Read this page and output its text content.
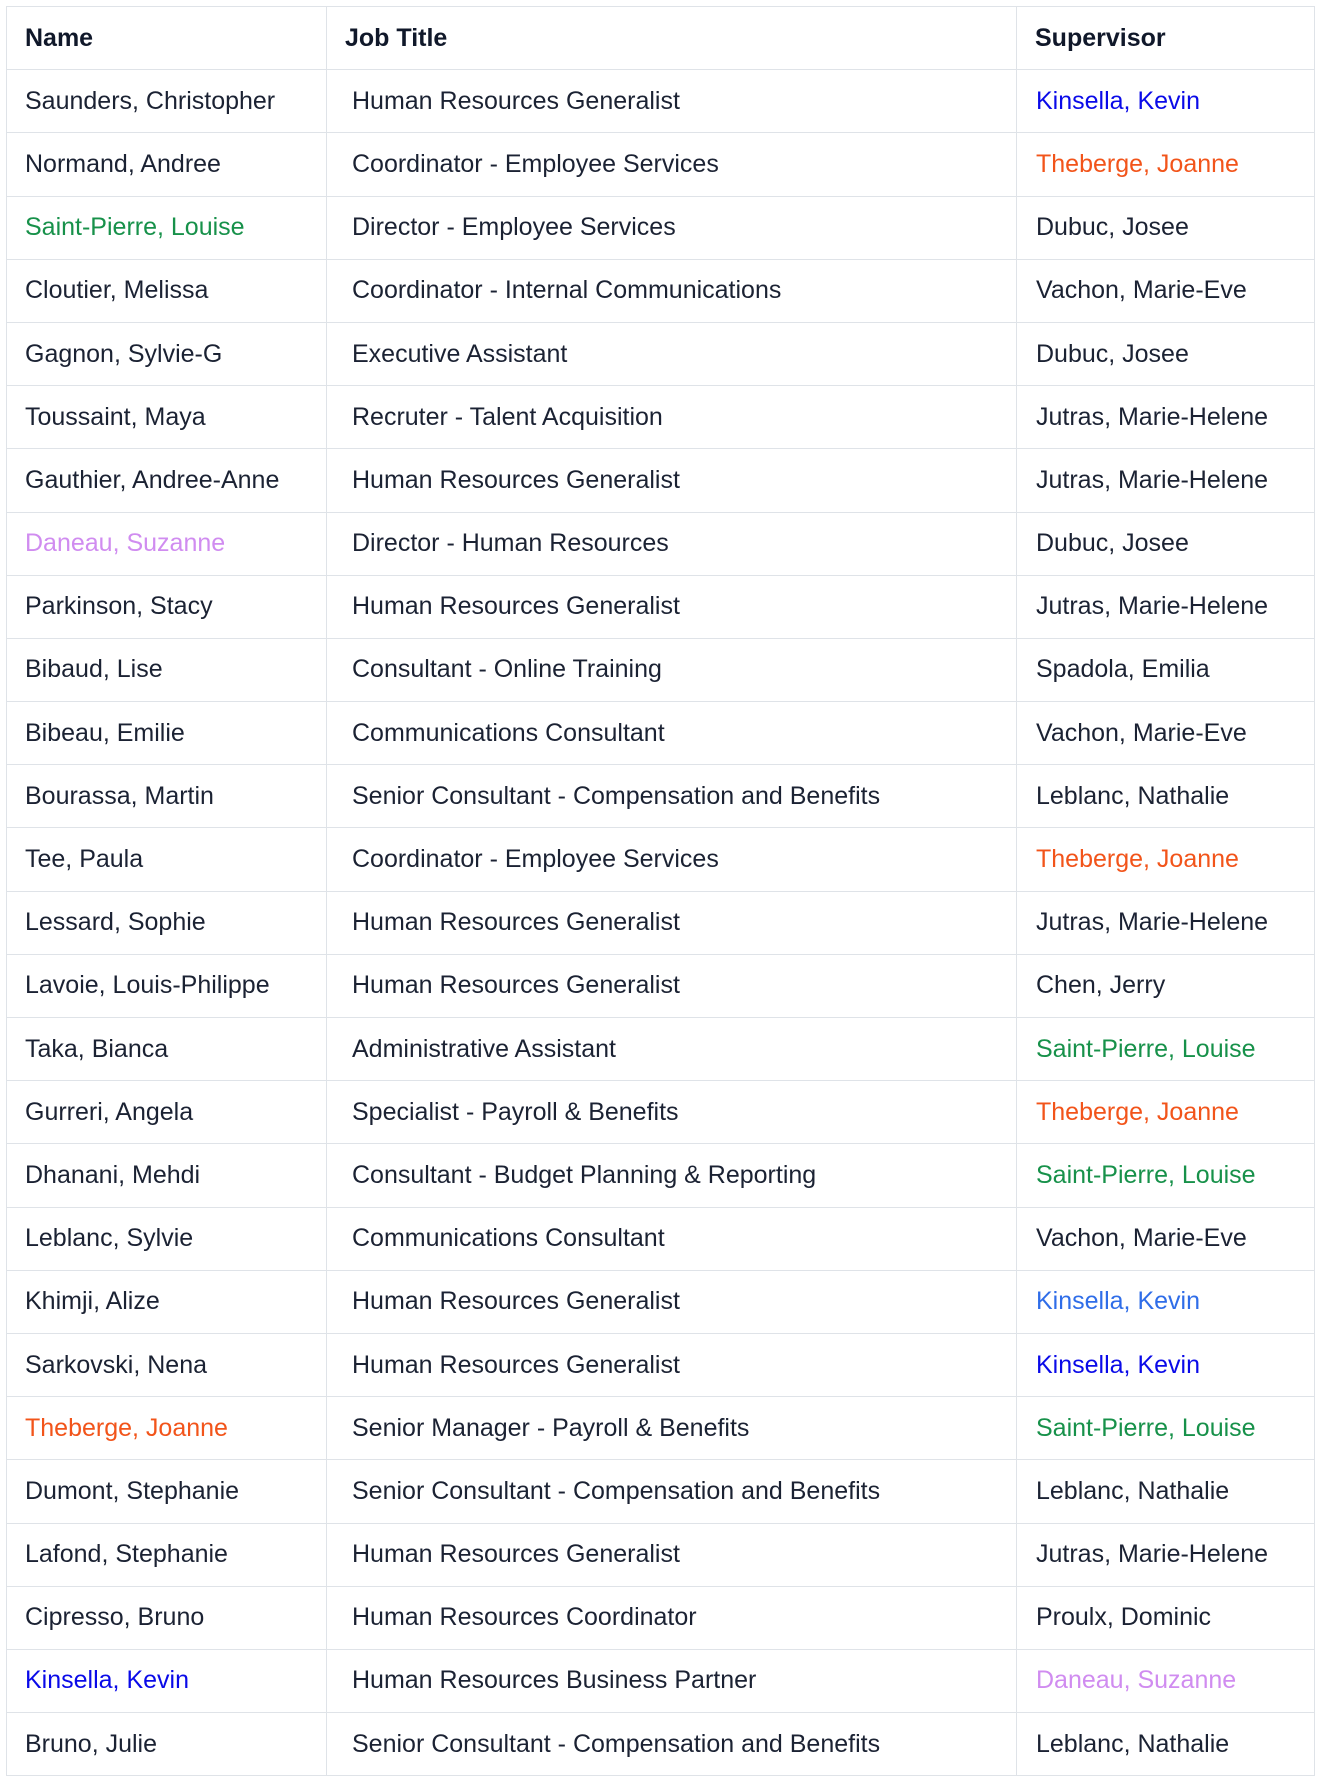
Name	Job Title	Supervisor
Saunders, Christopher	Human Resources Generalist	Kinsella, Kevin
Normand, Andree	Coordinator - Employee Services	Theberge, Joanne
Saint-Pierre, Louise	Director - Employee Services	Dubuc, Josee
Cloutier, Melissa	Coordinator - Internal Communications	Vachon, Marie-Eve
Gagnon, Sylvie-G	Executive Assistant	Dubuc, Josee
Toussaint, Maya	Recruter - Talent Acquisition	Jutras, Marie-Helene
Gauthier, Andree-Anne	Human Resources Generalist	Jutras, Marie-Helene
Daneau, Suzanne	Director - Human Resources	Dubuc, Josee
Parkinson, Stacy	Human Resources Generalist	Jutras, Marie-Helene
Bibaud, Lise	Consultant - Online Training	Spadola, Emilia
Bibeau, Emilie	Communications Consultant	Vachon, Marie-Eve
Bourassa, Martin	Senior Consultant - Compensation and Benefits	Leblanc, Nathalie
Tee, Paula	Coordinator - Employee Services	Theberge, Joanne
Lessard, Sophie	Human Resources Generalist	Jutras, Marie-Helene
Lavoie, Louis-Philippe	Human Resources Generalist	Chen, Jerry
Taka, Bianca	Administrative Assistant	Saint-Pierre, Louise
Gurreri, Angela	Specialist - Payroll & Benefits	Theberge, Joanne
Dhanani, Mehdi	Consultant - Budget Planning & Reporting	Saint-Pierre, Louise
Leblanc, Sylvie	Communications Consultant	Vachon, Marie-Eve
Khimji, Alize	Human Resources Generalist	Kinsella, Kevin
Sarkovski, Nena	Human Resources Generalist	Kinsella, Kevin
Theberge, Joanne	Senior Manager - Payroll & Benefits	Saint-Pierre, Louise
Dumont, Stephanie	Senior Consultant - Compensation and Benefits	Leblanc, Nathalie
Lafond, Stephanie	Human Resources Generalist	Jutras, Marie-Helene
Cipresso, Bruno	Human Resources Coordinator	Proulx, Dominic
Kinsella, Kevin	Human Resources Business Partner	Daneau, Suzanne
Bruno, Julie	Senior Consultant - Compensation and Benefits	Leblanc, Nathalie
